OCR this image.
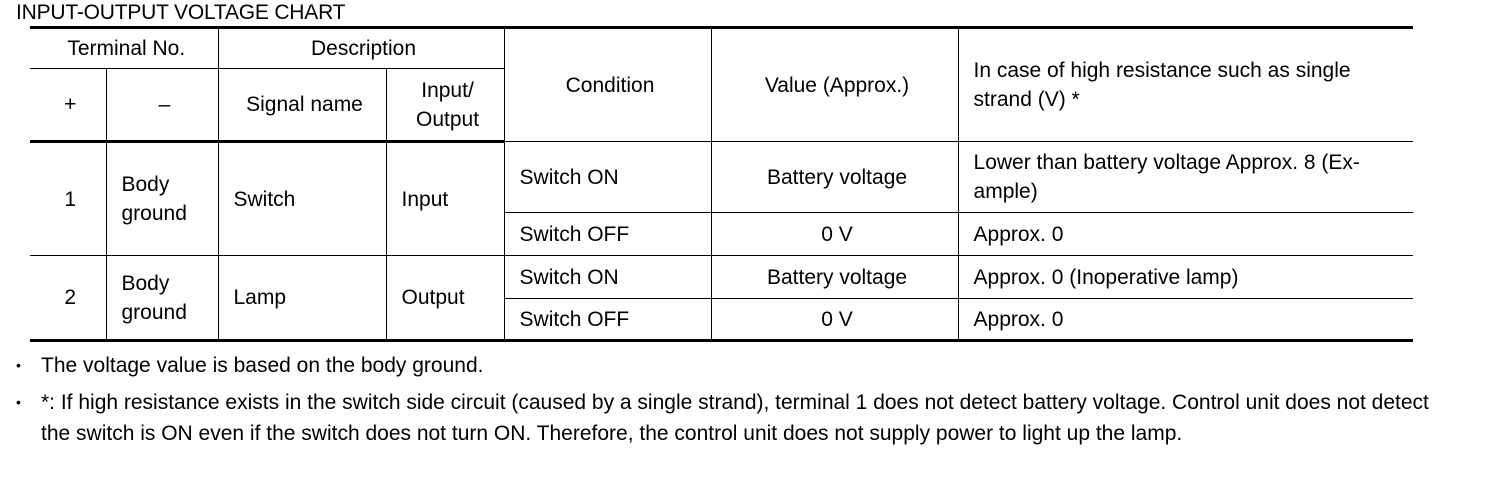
INPUT-OUTPUT VOLTAGE CHART
Terminal No.		Description		Condition	Value (Approx.)	In case of high resistance such as single strand (V) *
+	–	Signal name	Input/ Output			
1	Body ground	Switch	Input	Switch ON	Battery voltage	Lower than battery voltage Approx. 8 (Ex-ample)
				Switch OFF	0 V	Approx. 0
2	Body ground	Lamp	Output	Switch ON	Battery voltage	Approx. 0 (Inoperative lamp)
				Switch OFF	0 V	Approx. 0
• The voltage value is based on the body ground.
• *: If high resistance exists in the switch side circuit (caused by a single strand), terminal 1 does not detect battery voltage. Control unit does not detect the switch is ON even if the switch does not turn ON. Therefore, the control unit does not supply power to light up the lamp.
